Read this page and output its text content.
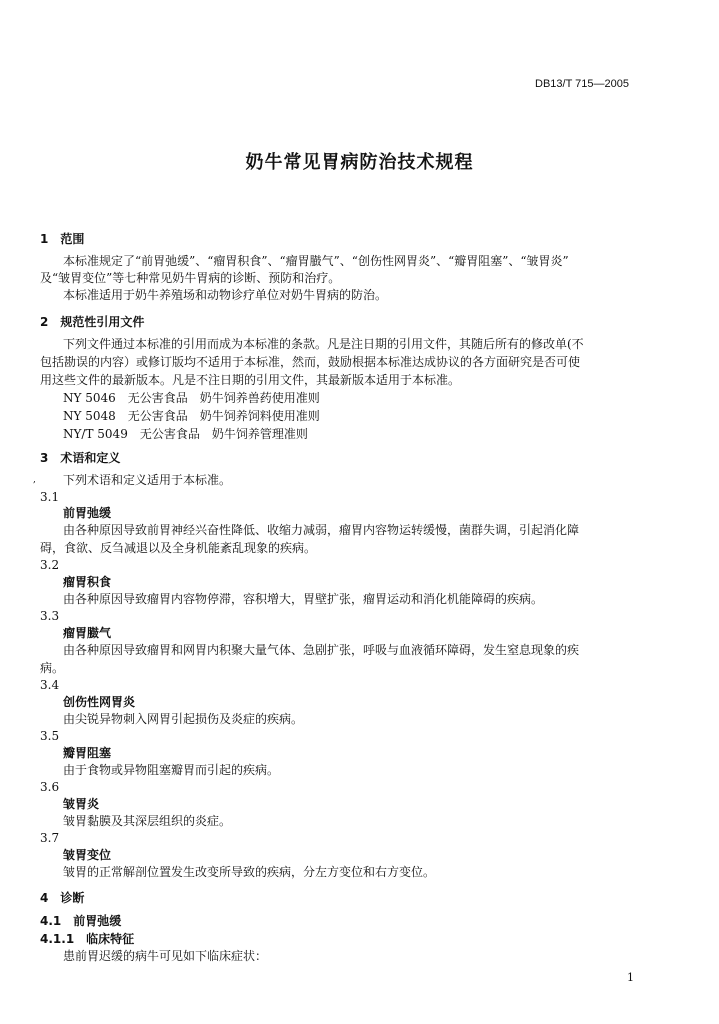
DB13/T 715—2005
奶牛常见胃病防治技术规程
1　范围
本标准规定了“前胃弛缓”、“瘤胃积食”、“瘤胃臌气”、“创伤性网胃炎”、“瓣胃阻塞”、“皱胃炎”
及“皱胃变位”等七种常见奶牛胃病的诊断、预防和治疗。
本标准适用于奶牛养殖场和动物诊疗单位对奶牛胃病的防治。
2　规范性引用文件
下列文件通过本标准的引用而成为本标准的条款。凡是注日期的引用文件，其随后所有的修改单(不
包括勘误的内容）或修订版均不适用于本标准，然而，鼓励根据本标准达成协议的各方面研究是否可使
用这些文件的最新版本。凡是不注日期的引用文件，其最新版本适用于本标准。
NY 5046　无公害食品　奶牛饲养兽药使用准则
NY 5048　无公害食品　奶牛饲养饲料使用准则
NY/T 5049　无公害食品　奶牛饲养管理准则
3　术语和定义
, 下列术语和定义适用于本标准。
3.1
前胃弛缓
由各种原因导致前胃神经兴奋性降低、收缩力减弱，瘤胃内容物运转缓慢，菌群失调，引起消化障
碍，食欲、反刍减退以及全身机能紊乱现象的疾病。
3.2
瘤胃积食
由各种原因导致瘤胃内容物停滞，容积增大，胃壁扩张，瘤胃运动和消化机能障碍的疾病。
3.3
瘤胃臌气
由各种原因导致瘤胃和网胃内积聚大量气体、急剧扩张，呼吸与血液循环障碍，发生窒息现象的疾
病。
3.4
创伤性网胃炎
由尖锐异物刺入网胃引起损伤及炎症的疾病。
3.5
瓣胃阻塞
由于食物或异物阻塞瓣胃而引起的疾病。
3.6
皱胃炎
皱胃黏膜及其深层组织的炎症。
3.7
皱胃变位
皱胃的正常解剖位置发生改变所导致的疾病，分左方变位和右方变位。
4　诊断
4.1　前胃弛缓
4.1.1　临床特征
患前胃迟缓的病牛可见如下临床症状：
1
